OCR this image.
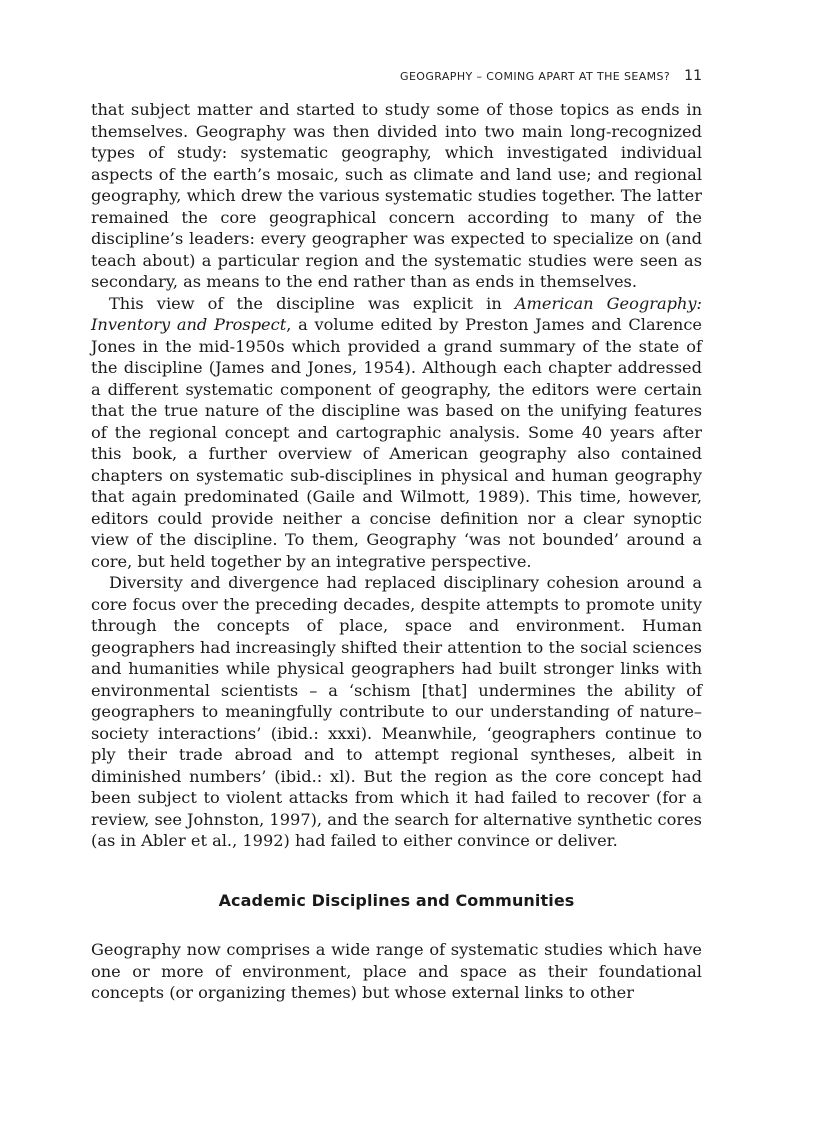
GEOGRAPHY – COMING APART AT THE SEAMS? 11

that subject matter and started to study some of those topics as ends in themselves. Geography was then divided into two main long-recognized types of study: systematic geography, which investigated individual aspects of the earth’s mosaic, such as climate and land use; and regional geography, which drew the various systematic studies together. The latter remained the core geographical concern according to many of the discipline’s leaders: every geographer was expected to specialize on (and teach about) a particular region and the systematic studies were seen as secondary, as means to the end rather than as ends in themselves.

This view of the discipline was explicit in American Geography: Inventory and Prospect, a volume edited by Preston James and Clarence Jones in the mid-1950s which provided a grand summary of the state of the discipline (James and Jones, 1954). Although each chapter addressed a different systematic component of geography, the editors were certain that the true nature of the discipline was based on the unifying features of the regional concept and cartographic analysis. Some 40 years after this book, a further overview of American geography also contained chapters on systematic sub-disciplines in physical and human geography that again predominated (Gaile and Wilmott, 1989). This time, however, editors could provide neither a concise definition nor a clear synoptic view of the discipline. To them, Geography ‘was not bounded’ around a core, but held together by an integrative perspective.

Diversity and divergence had replaced disciplinary cohesion around a core focus over the preceding decades, despite attempts to promote unity through the concepts of place, space and environment. Human geographers had increasingly shifted their attention to the social sciences and humanities while physical geographers had built stronger links with environmental scientists – a ‘schism [that] undermines the ability of geographers to meaningfully contribute to our understanding of nature–society interactions’ (ibid.: xxxi). Meanwhile, ‘geographers continue to ply their trade abroad and to attempt regional syntheses, albeit in diminished numbers’ (ibid.: xl). But the region as the core concept had been subject to violent attacks from which it had failed to recover (for a review, see Johnston, 1997), and the search for alternative synthetic cores (as in Abler et al., 1992) had failed to either convince or deliver.

Academic Disciplines and Communities

Geography now comprises a wide range of systematic studies which have one or more of environment, place and space as their foundational concepts (or organizing themes) but whose external links to other
